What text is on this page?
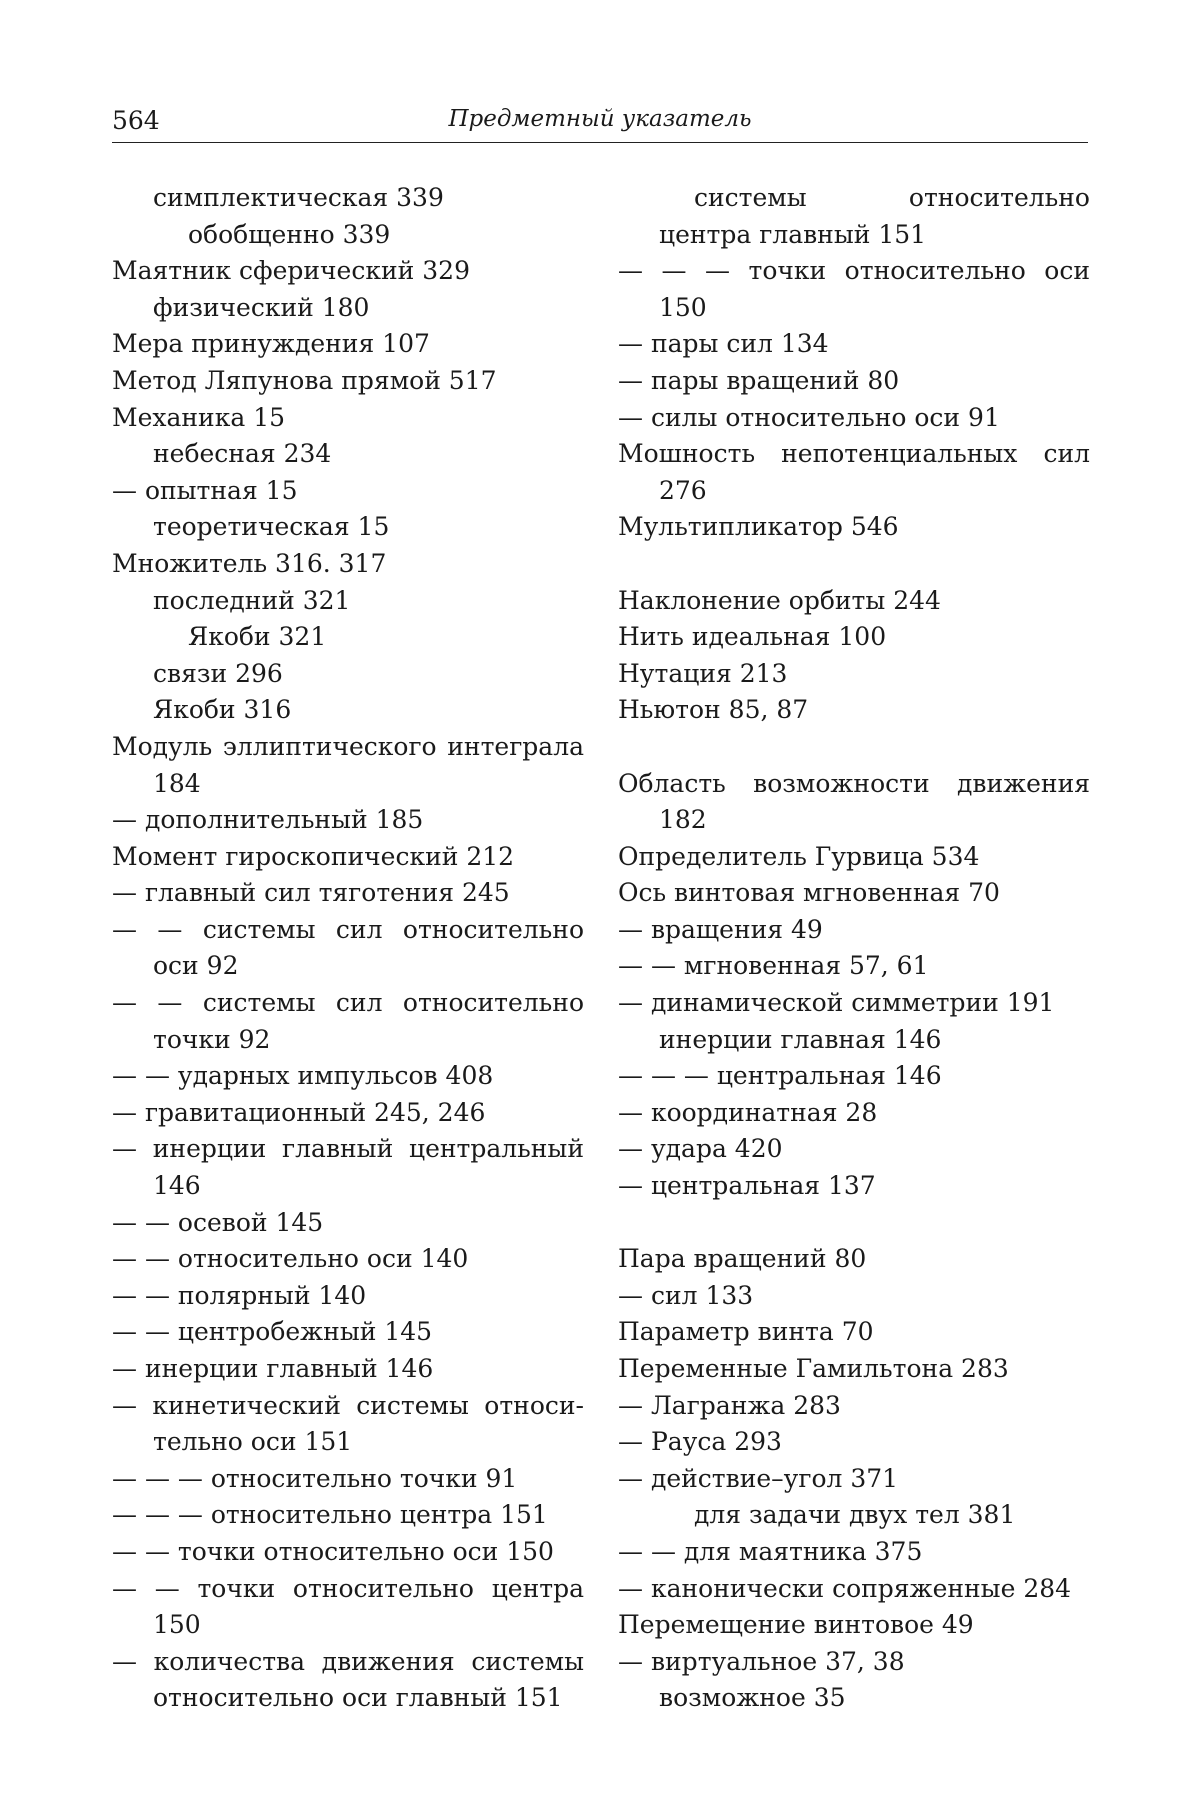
564	Предметный указатель
симплектическая 339
обобщенно 339
Маятник сферический 329
физический 180
Мера принуждения 107
Метод Ляпунова прямой 517
Механика 15
небесная 234
— опытная 15
теоретическая 15
Множитель 316. 317
последний 321
Якоби 321
связи 296
Якоби 316
Модуль эллиптического интеграла
184
— дополнительный 185
Момент гироскопический 212
— главный сил тяготения 245
— — системы сил относительно
оси 92
— — системы сил относительно
точки 92
— — ударных импульсов 408
— гравитационный 245, 246
— инерции главный центральный
146
— — осевой 145
— — относительно оси 140
— — полярный 140
— — центробежный 145
— инерции главный 146
— кинетический системы относи-
тельно оси 151
— — — относительно точки 91
— — — относительно центра 151
— — точки относительно оси 150
— — точки относительно центра
150
— количества движения системы
относительно оси главный 151
системы относительно
центра главный 151
— — — точки относительно оси
150
— пары сил 134
— пары вращений 80
— силы относительно оси 91
Мошность непотенциальных сил
276
Мультипликатор 546
Наклонение орбиты 244
Нить идеальная 100
Нутация 213
Ньютон 85, 87
Область возможности движения
182
Определитель Гурвица 534
Ось винтовая мгновенная 70
— вращения 49
— — мгновенная 57, 61
— динамической симметрии 191
инерции главная 146
— — — центральная 146
— координатная 28
— удара 420
— центральная 137
Пара вращений 80
— сил 133
Параметр винта 70
Переменные Гамильтона 283
— Лагранжа 283
— Рауса 293
— действие–угол 371
для задачи двух тел 381
— — для маятника 375
— канонически сопряженные 284
Перемещение винтовое 49
— виртуальное 37, 38
возможное 35
